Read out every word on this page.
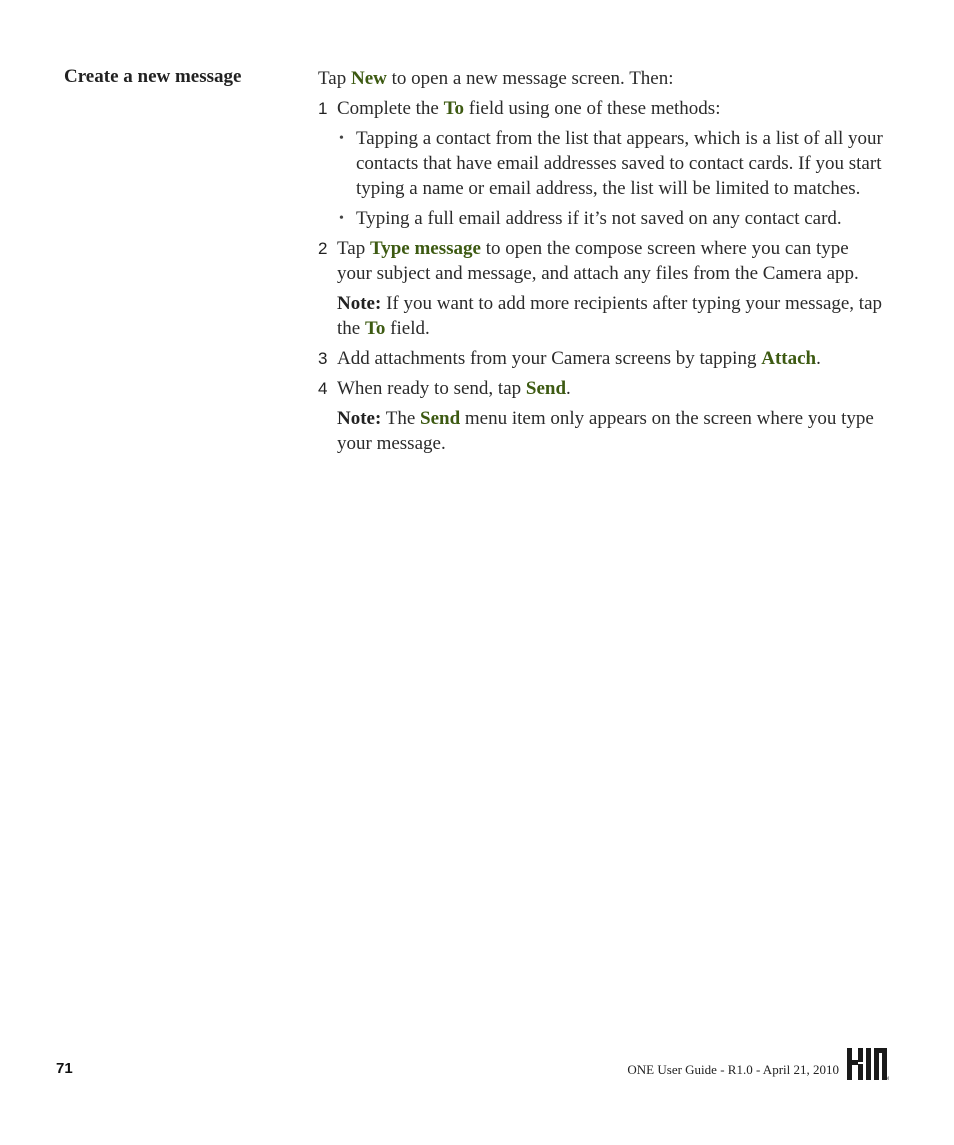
Create a new message	Tap New to open a new message screen. Then:

1 Complete the To field using one of these methods:
• Tapping a contact from the list that appears, which is a list of all your contacts that have email addresses saved to contact cards. If you start typing a name or email address, the list will be limited to matches.
• Typing a full email address if it’s not saved on any contact card.
2 Tap Type message to open the compose screen where you can type your subject and message, and attach any files from the Camera app.
Note: If you want to add more recipients after typing your message, tap the To field.
3 Add attachments from your Camera screens by tapping Attach.
4 When ready to send, tap Send.
Note: The Send menu item only appears on the screen where you type your message.
71	ONE User Guide - R1.0 - April 21, 2010
TM
